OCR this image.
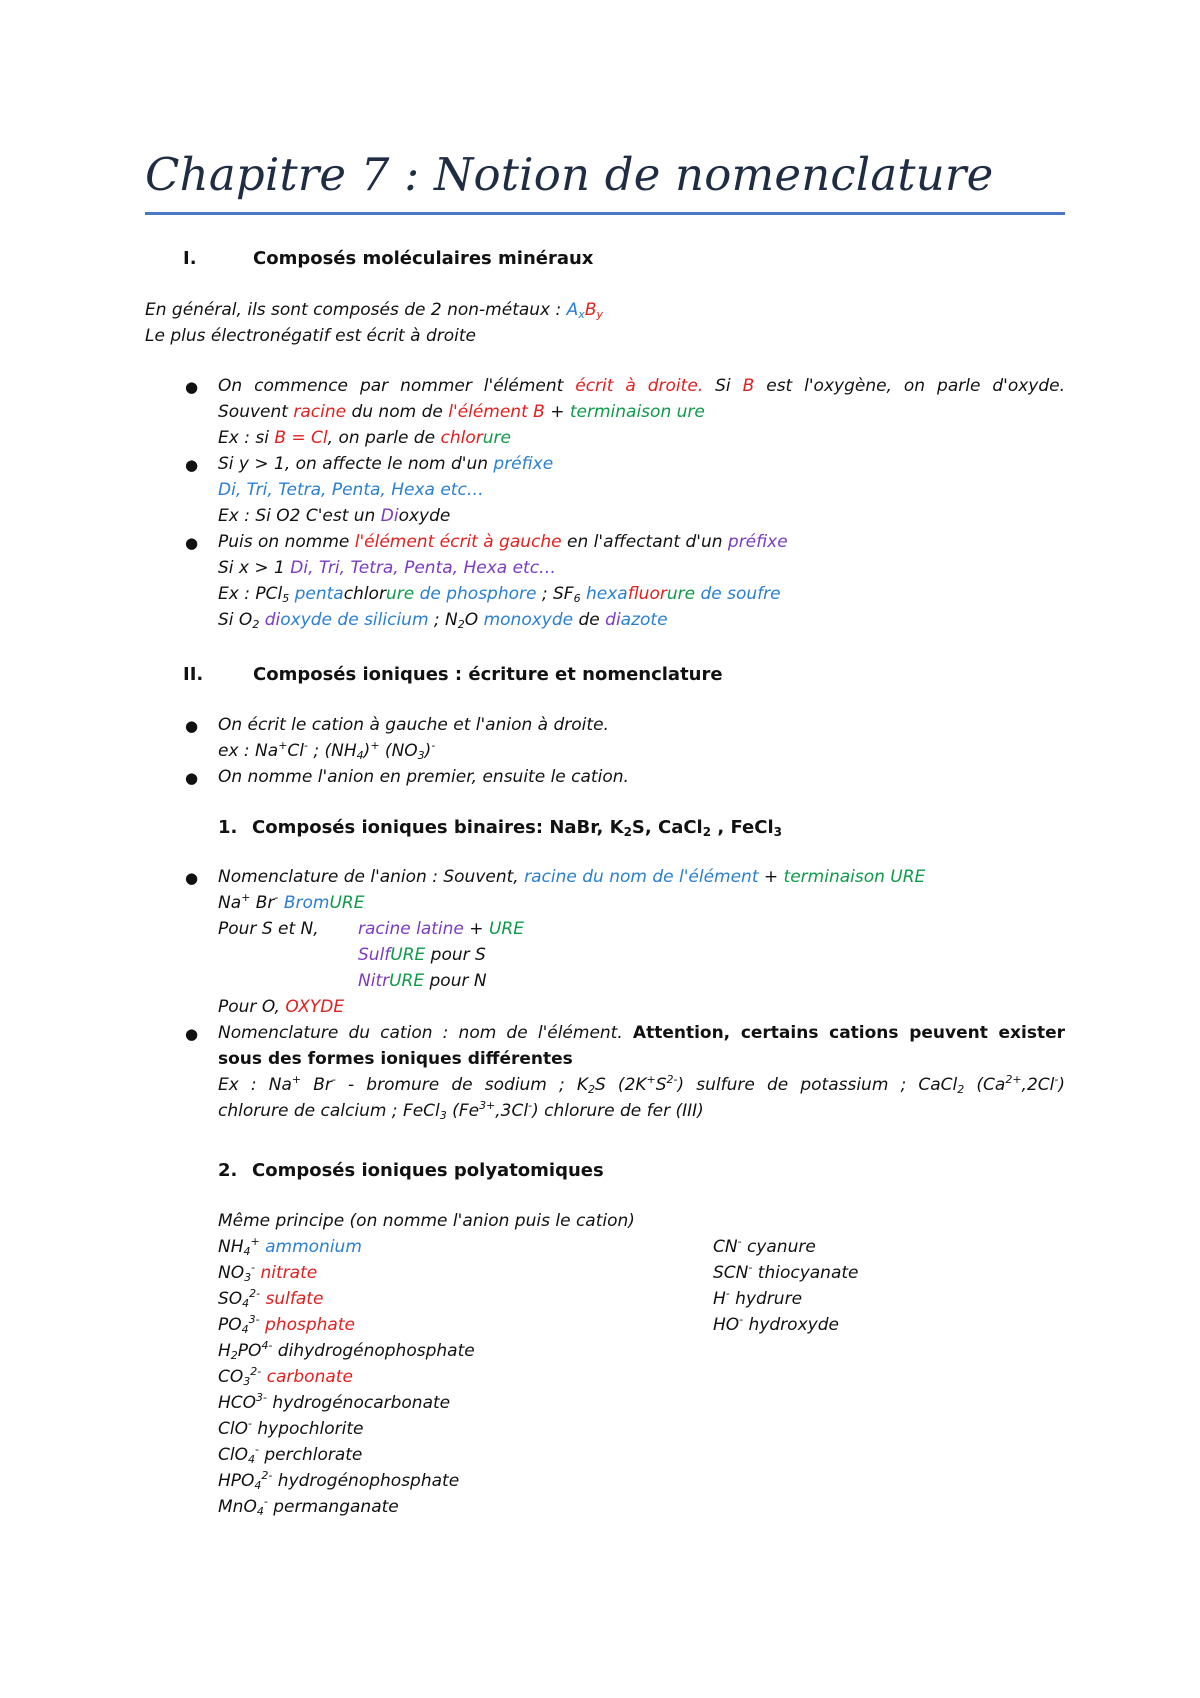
Chapitre 7 : Notion de nomenclature
I.	Composés moléculaires minéraux
En général, ils sont composés de 2 non-métaux : $A_xB_y$
Le plus électronégatif est écrit à droite
● On commence par nommer l'élément écrit à droite. Si B est l'oxygène, on parle d'oxyde.
Souvent racine du nom de l'élément B + terminaison ure
Ex : si B = Cl, on parle de chlorure
● Si y > 1, on affecte le nom d'un préfixe
Di, Tri, Tetra, Penta, Hexa etc…
Ex : Si O2 C'est un Dioxyde
● Puis on nomme l'élément écrit à gauche en l'affectant d'un préfixe
Si x > 1 Di, Tri, Tetra, Penta, Hexa etc…
Ex : PCl$_5$ pentachlorure de phosphore ; $SF_6$ hexafluorure de soufre
Si $O_2$ dioxyde de silicium ; $N_2O$ monoxyde de diazote
II.	Composés ioniques : écriture et nomenclature
● On écrit le cation à gauche et l'anion à droite.
ex : Na+Cl- ; $(NH_4)^+$ $(NO_3)^-$
● On nomme l'anion en premier, ensuite le cation.
1. Composés ioniques binaires: NaBr, $K_2S$, CaCl$_2$ , FeCl$_3$
● Nomenclature de l'anion : Souvent, racine du nom de l'élément + terminaison URE
Na+ Br- BromURE
Pour S et N, racine latine + URE
SulfURE pour S
NitrURE pour N
Pour O, OXYDE
● Nomenclature du cation : nom de l'élément. Attention, certains cations peuvent exister
sous des formes ioniques différentes
Ex : Na+ Br- - bromure de sodium ; $K_2S$ $(2K^+S^{2-})$ sulfure de potassium ; CaCl$_2$ $(Ca^{2+},2Cl^-)$
chlorure de calcium ; FeCl$_3$ $(Fe^{3+},3Cl^-)$ chlorure de fer (III)
2. Composés ioniques polyatomiques
Même principe (on nomme l'anion puis le cation)
$NH_4^+$ ammonium
$NO_3^-$ nitrate
$SO_4^{2-}$ sulfate
$PO_4^{3-}$ phosphate
$H_2PO^{4-}$ dihydrogénophosphate
$CO_3^{2-}$ carbonate
$HCO^{3-}$ hydrogénocarbonate
ClO- hypochlorite
ClO$_4$- perchlorate
$HPO_4^{2-}$ hydrogénophosphate
MnO$_4$- permanganate
CN- cyanure
SCN- thiocyanate
H- hydrure
HO- hydroxyde
